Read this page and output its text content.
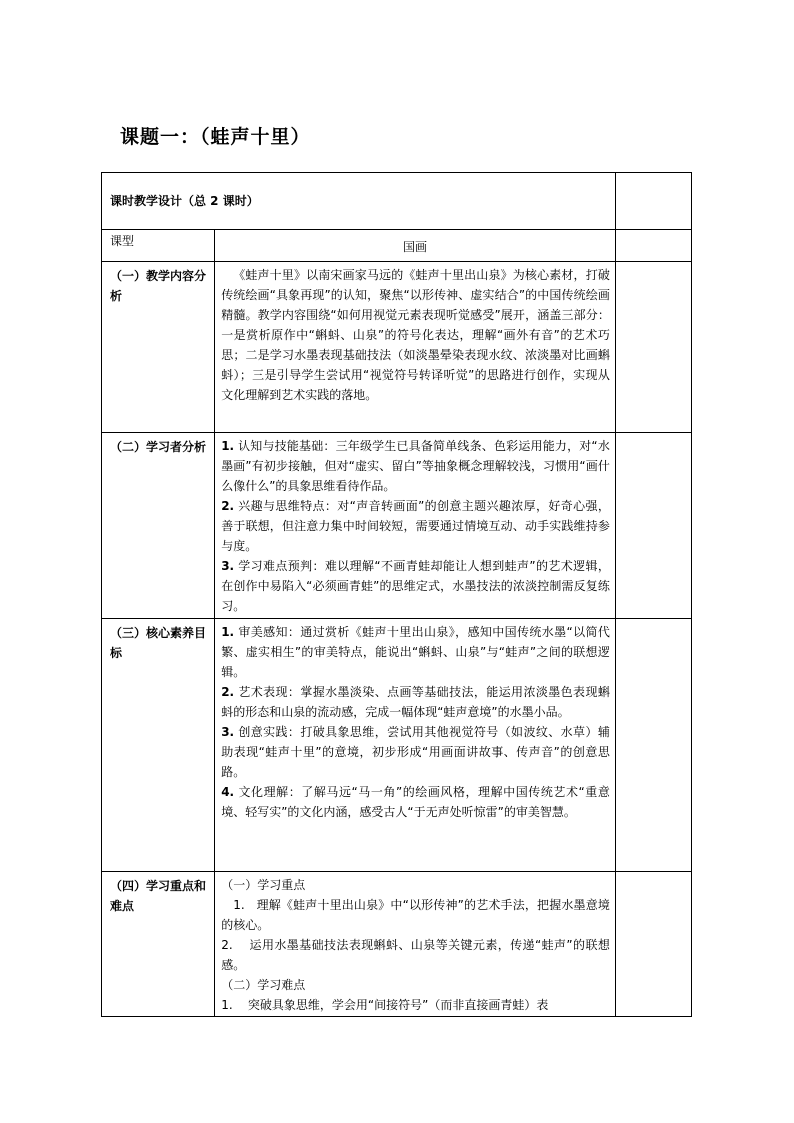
课题一：（蛙声十里）
课时教学设计（总 2 课时）		

课型	国画	

（一）教学内容分析	《蛙声十里》以南宋画家马远的《蛙声十里出山泉》为核心素材，打破传统绘画“具象再现”的认知，聚焦“以形传神、虚实结合”的中国传统绘画精髓。教学内容围绕“如何用视觉元素表现听觉感受”展开，涵盖三部分：一是赏析原作中“蝌蚪、山泉”的符号化表达，理解“画外有音”的艺术巧思；二是学习水墨表现基础技法（如淡墨晕染表现水纹、浓淡墨对比画蝌蚪）；三是引导学生尝试用“视觉符号转译听觉”的思路进行创作，实现从文化理解到艺术实践的落地。	

（二）学习者分析	1. 认知与技能基础：三年级学生已具备简单线条、色彩运用能力，对“水墨画”有初步接触，但对“虚实、留白”等抽象概念理解较浅，习惯用“画什么像什么”的具象思维看待作品。

2. 兴趣与思维特点：对“声音转画面”的创意主题兴趣浓厚，好奇心强，善于联想，但注意力集中时间较短，需要通过情境互动、动手实践维持参与度。

3. 学习难点预判：难以理解“不画青蛙却能让人想到蛙声”的艺术逻辑，在创作中易陷入“必须画青蛙”的思维定式，水墨技法的浓淡控制需反复练习。	

（三）核心素养目标	1. 审美感知：通过赏析《蛙声十里出山泉》，感知中国传统水墨“以简代繁、虚实相生”的审美特点，能说出“蝌蚪、山泉”与“蛙声”之间的联想逻辑。

2. 艺术表现：掌握水墨淡染、点画等基础技法，能运用浓淡墨色表现蝌蚪的形态和山泉的流动感，完成一幅体现“蛙声意境”的水墨小品。

3. 创意实践：打破具象思维，尝试用其他视觉符号（如波纹、水草）辅助表现“蛙声十里”的意境，初步形成“用画面讲故事、传声音”的创意思路。

4. 文化理解：了解马远“马一角”的绘画风格，理解中国传统艺术“重意境、轻写实”的文化内涵，感受古人“于无声处听惊雷”的审美智慧。	

（四）学习重点和难点	（一）学习重点

1. 理解《蛙声十里出山泉》中“以形传神”的艺术手法，把握水墨意境的核心。

2. 运用水墨基础技法表现蝌蚪、山泉等关键元素，传递“蛙声”的联想感。

（二）学习难点

1. 突破具象思维，学会用“间接符号”（而非直接画青蛙）表	
